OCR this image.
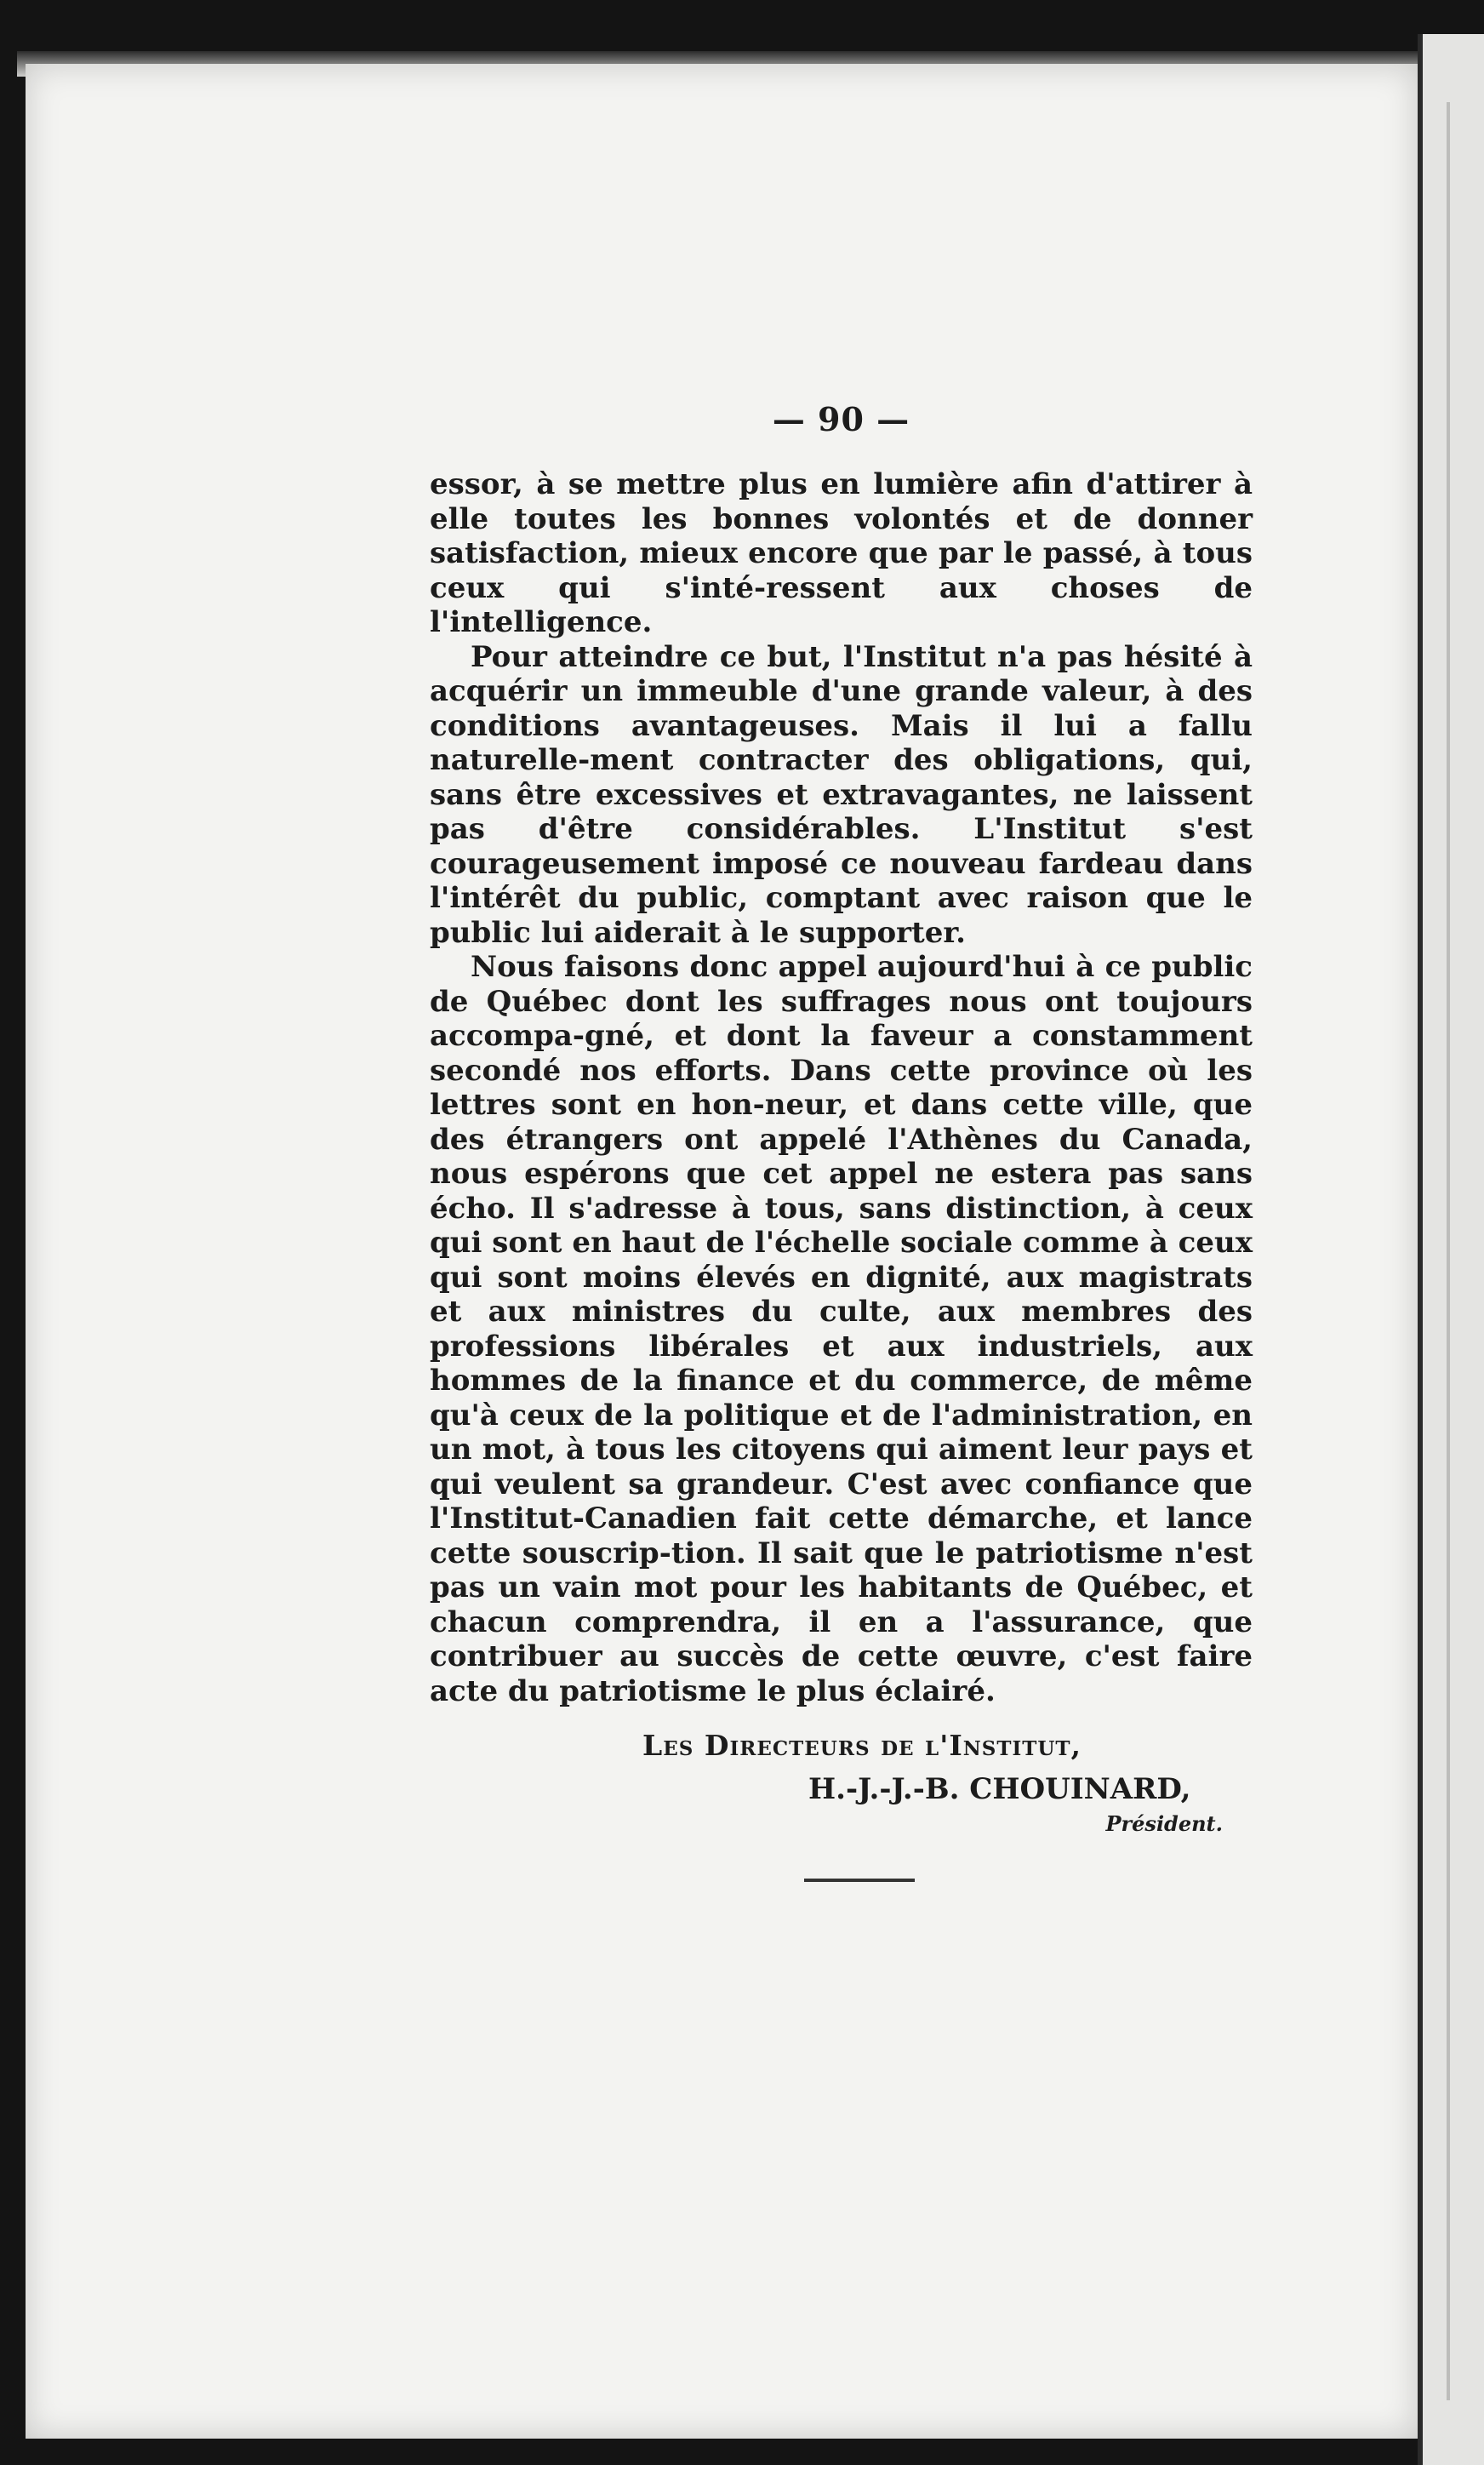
— 90 —

essor, à se mettre plus en lumière afin d'attirer à elle toutes les bonnes volontés et de donner satisfaction, mieux encore que par le passé, à tous ceux qui s'inté-ressent aux choses de l'intelligence.

Pour atteindre ce but, l'Institut n'a pas hésité à acquérir un immeuble d'une grande valeur, à des conditions avantageuses. Mais il lui a fallu naturelle-ment contracter des obligations, qui, sans être excessives et extravagantes, ne laissent pas d'être considérables. L'Institut s'est courageusement imposé ce nouveau fardeau dans l'intérêt du public, comptant avec raison que le public lui aiderait à le supporter.

Nous faisons donc appel aujourd'hui à ce public de Québec dont les suffrages nous ont toujours accompa-gné, et dont la faveur a constamment secondé nos efforts. Dans cette province où les lettres sont en hon-neur, et dans cette ville, que des étrangers ont appelé l'Athènes du Canada, nous espérons que cet appel ne estera pas sans écho. Il s'adresse à tous, sans distinction, à ceux qui sont en haut de l'échelle sociale comme à ceux qui sont moins élevés en dignité, aux magistrats et aux ministres du culte, aux membres des professions libérales et aux industriels, aux hommes de la finance et du commerce, de même qu'à ceux de la politique et de l'administration, en un mot, à tous les citoyens qui aiment leur pays et qui veulent sa grandeur. C'est avec confiance que l'Institut-Canadien fait cette démarche, et lance cette souscrip-tion. Il sait que le patriotisme n'est pas un vain mot pour les habitants de Québec, et chacun comprendra, il en a l'assurance, que contribuer au succès de cette œuvre, c'est faire acte du patriotisme le plus éclairé.

Les Directeurs de l'Institut,
H.-J.-J.-B. CHOUINARD,
Président.
